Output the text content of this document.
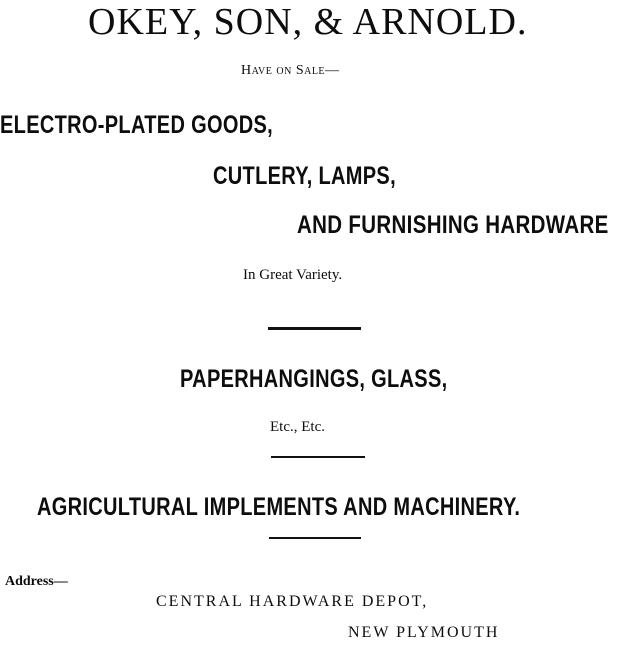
OKEY, SON, & ARNOLD.
Have on Sale—
ELECTRO-PLATED GOODS,
CUTLERY, LAMPS,
AND FURNISHING HARDWARE
In Great Variety.
PAPERHANGINGS, GLASS,
Etc., Etc.
AGRICULTURAL IMPLEMENTS AND MACHINERY.
Address—
CENTRAL HARDWARE DEPOT,
NEW PLYMOUTH
